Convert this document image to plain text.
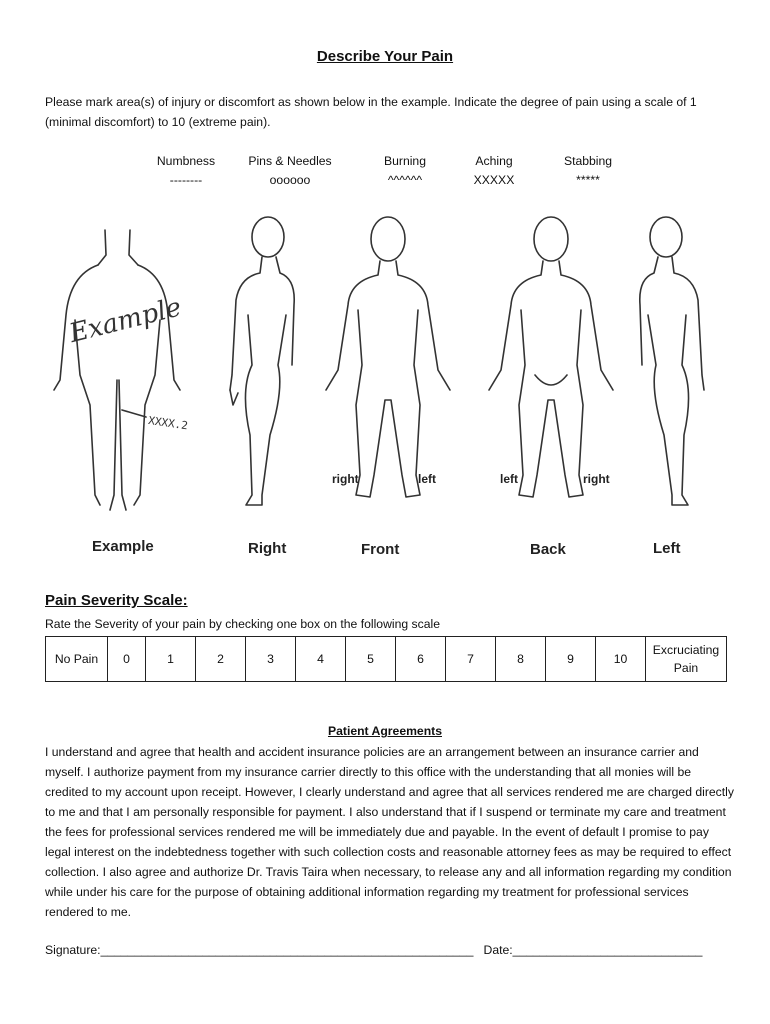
Describe Your Pain
Please mark area(s) of injury or discomfort as shown below in the example. Indicate the degree of pain using a scale of 1 (minimal discomfort) to 10 (extreme pain).
Numbness
--------
Pins & Needles
oooooo
Burning
^^^^^^
Aching
XXXXX
Stabbing
*****
Example
XXXX.2
right	left	left	right
Example	Right	Front	Back	Left
Pain Severity Scale:
Rate the Severity of your pain by checking one box on the following scale
No Pain	0	1	2	3	4	5	6	7	8	9	10	Excruciating Pain
Patient Agreements
I understand and agree that health and accident insurance policies are an arrangement between an insurance carrier and myself. I authorize payment from my insurance carrier directly to this office with the understanding that all monies will be credited to my account upon receipt. However, I clearly understand and agree that all services rendered me are charged directly to me and that I am personally responsible for payment. I also understand that if I suspend or terminate my care and treatment the fees for professional services rendered me will be immediately due and payable. In the event of default I promise to pay legal interest on the indebtedness together with such collection costs and reasonable attorney fees as may be required to effect collection. I also agree and authorize Dr. Travis Taira when necessary, to release any and all information regarding my condition while under his care for the purpose of obtaining additional information regarding my treatment for professional services rendered to me.
Signature:_______________________________________________________ Date:____________________________
